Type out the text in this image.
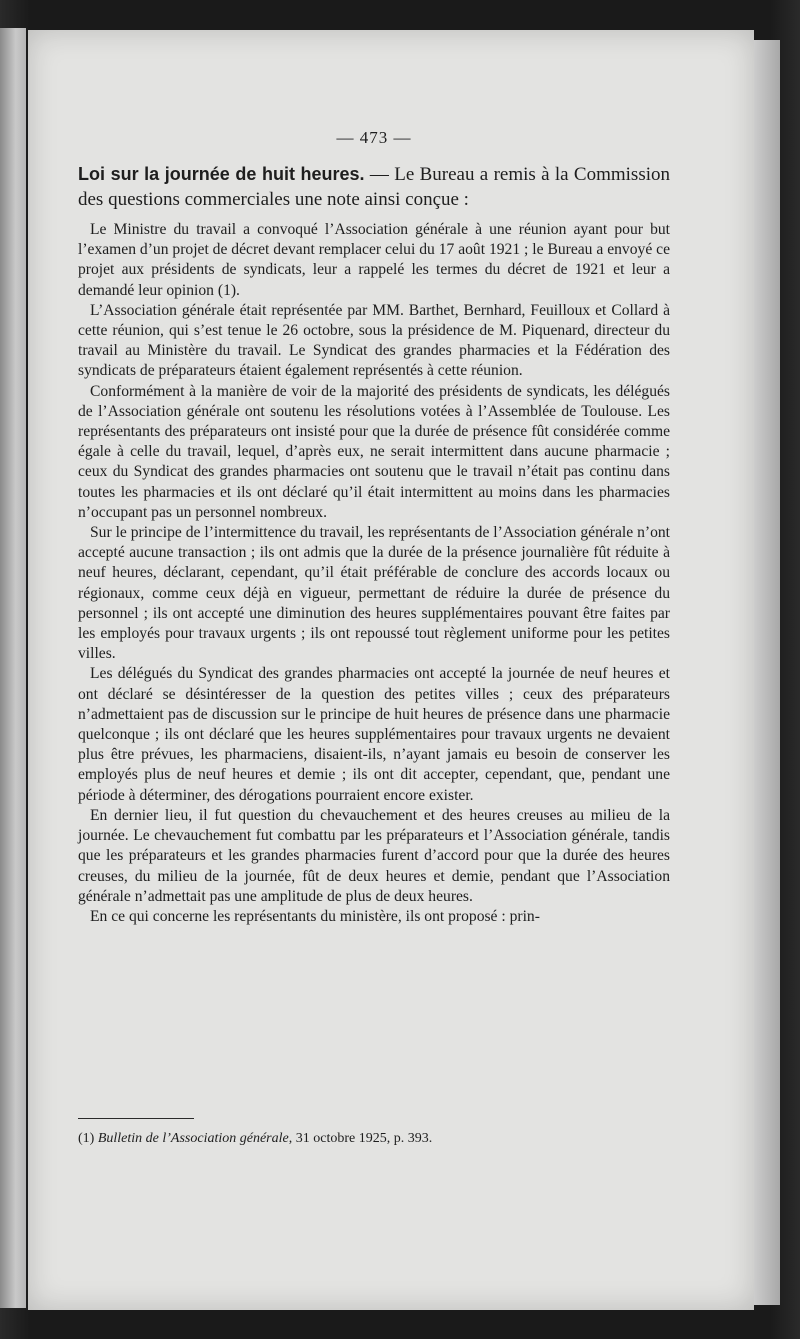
— 473 —
Loi sur la journée de huit heures. — Le Bureau a remis à la Commission des questions commerciales une note ainsi conçue :

Le Ministre du travail a convoqué l’Association générale à une réunion ayant pour but l’examen d’un projet de décret devant remplacer celui du 17 août 1921 ; le Bureau a envoyé ce projet aux présidents de syndicats, leur a rappelé les termes du décret de 1921 et leur a demandé leur opinion (1).

L’Association générale était représentée par MM. Barthet, Bernhard, Feuilloux et Collard à cette réunion, qui s’est tenue le 26 octobre, sous la présidence de M. Piquenard, directeur du travail au Ministère du travail. Le Syndicat des grandes pharmacies et la Fédération des syndicats de préparateurs étaient également représentés à cette réunion.

Conformément à la manière de voir de la majorité des présidents de syndicats, les délégués de l’Association générale ont soutenu les résolutions votées à l’Assemblée de Toulouse. Les représentants des préparateurs ont insisté pour que la durée de présence fût considérée comme égale à celle du travail, lequel, d’après eux, ne serait intermittent dans aucune pharmacie ; ceux du Syndicat des grandes pharmacies ont soutenu que le travail n’était pas continu dans toutes les pharmacies et ils ont déclaré qu’il était intermittent au moins dans les pharmacies n’occupant pas un personnel nombreux.

Sur le principe de l’intermittence du travail, les représentants de l’Association générale n’ont accepté aucune transaction ; ils ont admis que la durée de la présence journalière fût réduite à neuf heures, déclarant, cependant, qu’il était préférable de conclure des accords locaux ou régionaux, comme ceux déjà en vigueur, permettant de réduire la durée de présence du personnel ; ils ont accepté une diminution des heures supplémentaires pouvant être faites par les employés pour travaux urgents ; ils ont repoussé tout règlement uniforme pour les petites villes.

Les délégués du Syndicat des grandes pharmacies ont accepté la journée de neuf heures et ont déclaré se désintéresser de la question des petites villes ; ceux des préparateurs n’admettaient pas de discussion sur le principe de huit heures de présence dans une pharmacie quelconque ; ils ont déclaré que les heures supplémentaires pour travaux urgents ne devaient plus être prévues, les pharmaciens, disaient-ils, n’ayant jamais eu besoin de conserver les employés plus de neuf heures et demie ; ils ont dit accepter, cependant, que, pendant une période à déterminer, des dérogations pourraient encore exister.

En dernier lieu, il fut question du chevauchement et des heures creuses au milieu de la journée. Le chevauchement fut combattu par les préparateurs et l’Association générale, tandis que les préparateurs et les grandes pharmacies furent d’accord pour que la durée des heures creuses, du milieu de la journée, fût de deux heures et demie, pendant que l’Association générale n’admettait pas une amplitude de plus de deux heures.

En ce qui concerne les représentants du ministère, ils ont proposé : prin-

(1) Bulletin de l’Association générale, 31 octobre 1925, p. 393.
